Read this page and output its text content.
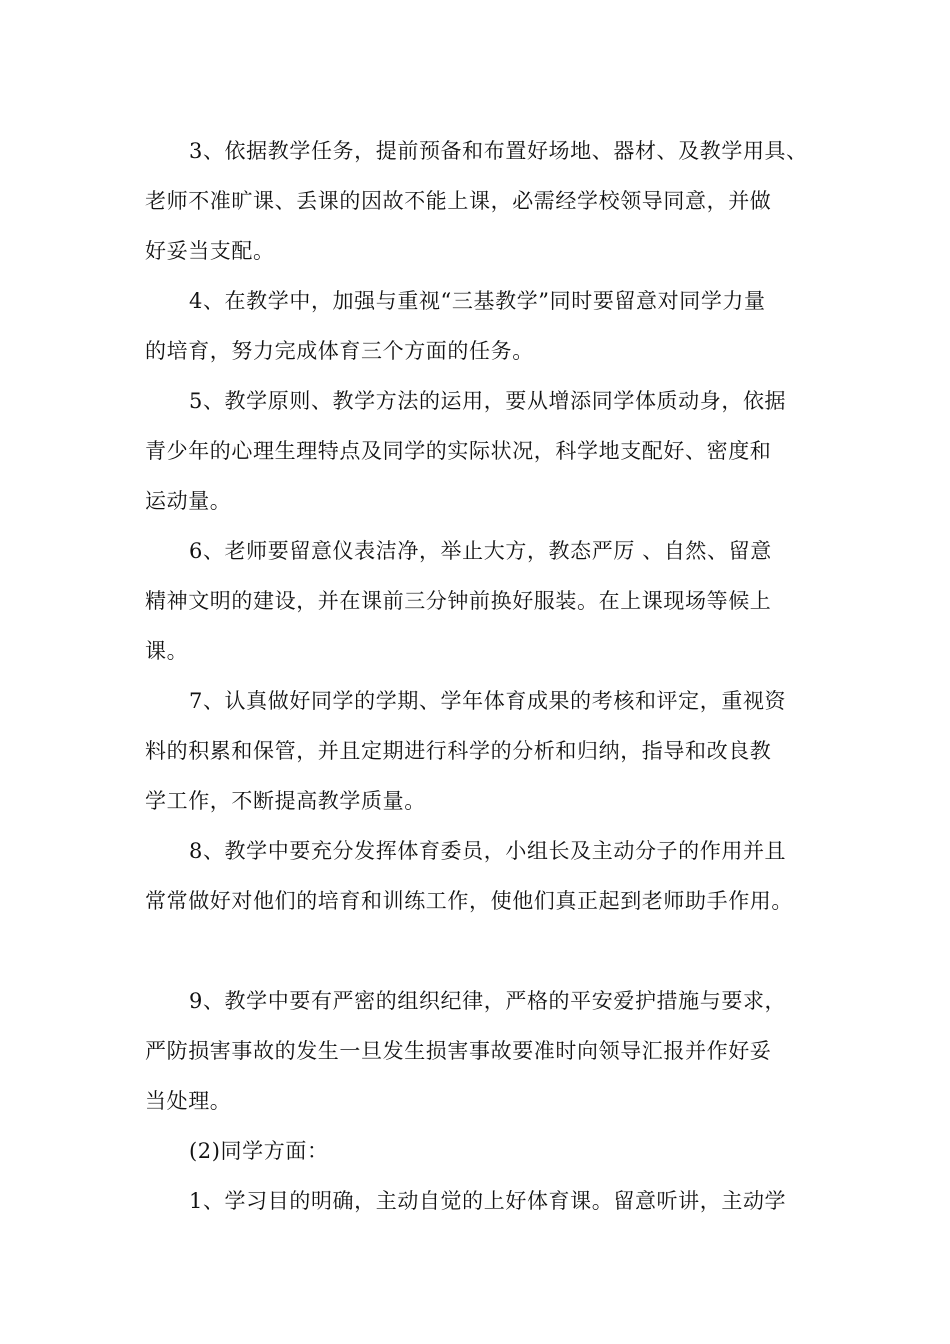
3、依据教学任务，提前预备和布置好场地、器材、及教学用具、
老师不准旷课、丢课的因故不能上课，必需经学校领导同意，并做
好妥当支配。
4、在教学中，加强与重视“三基教学”同时要留意对同学力量
的培育，努力完成体育三个方面的任务。
5、教学原则、教学方法的运用，要从增添同学体质动身，依据
青少年的心理生理特点及同学的实际状况，科学地支配好、密度和
运动量。
6、老师要留意仪表洁净，举止大方，教态严厉 、自然、留意
精神文明的建设，并在课前三分钟前换好服装。在上课现场等候上
课。
7、认真做好同学的学期、学年体育成果的考核和评定，重视资
料的积累和保管，并且定期进行科学的分析和归纳，指导和改良教
学工作，不断提高教学质量。
8、教学中要充分发挥体育委员，小组长及主动分子的作用并且
常常做好对他们的培育和训练工作，使他们真正起到老师助手作用。
9、教学中要有严密的组织纪律，严格的平安爱护措施与要求，
严防损害事故的发生一旦发生损害事故要准时向领导汇报并作好妥
当处理。
(2)同学方面：
1、学习目的明确，主动自觉的上好体育课。留意听讲，主动学
